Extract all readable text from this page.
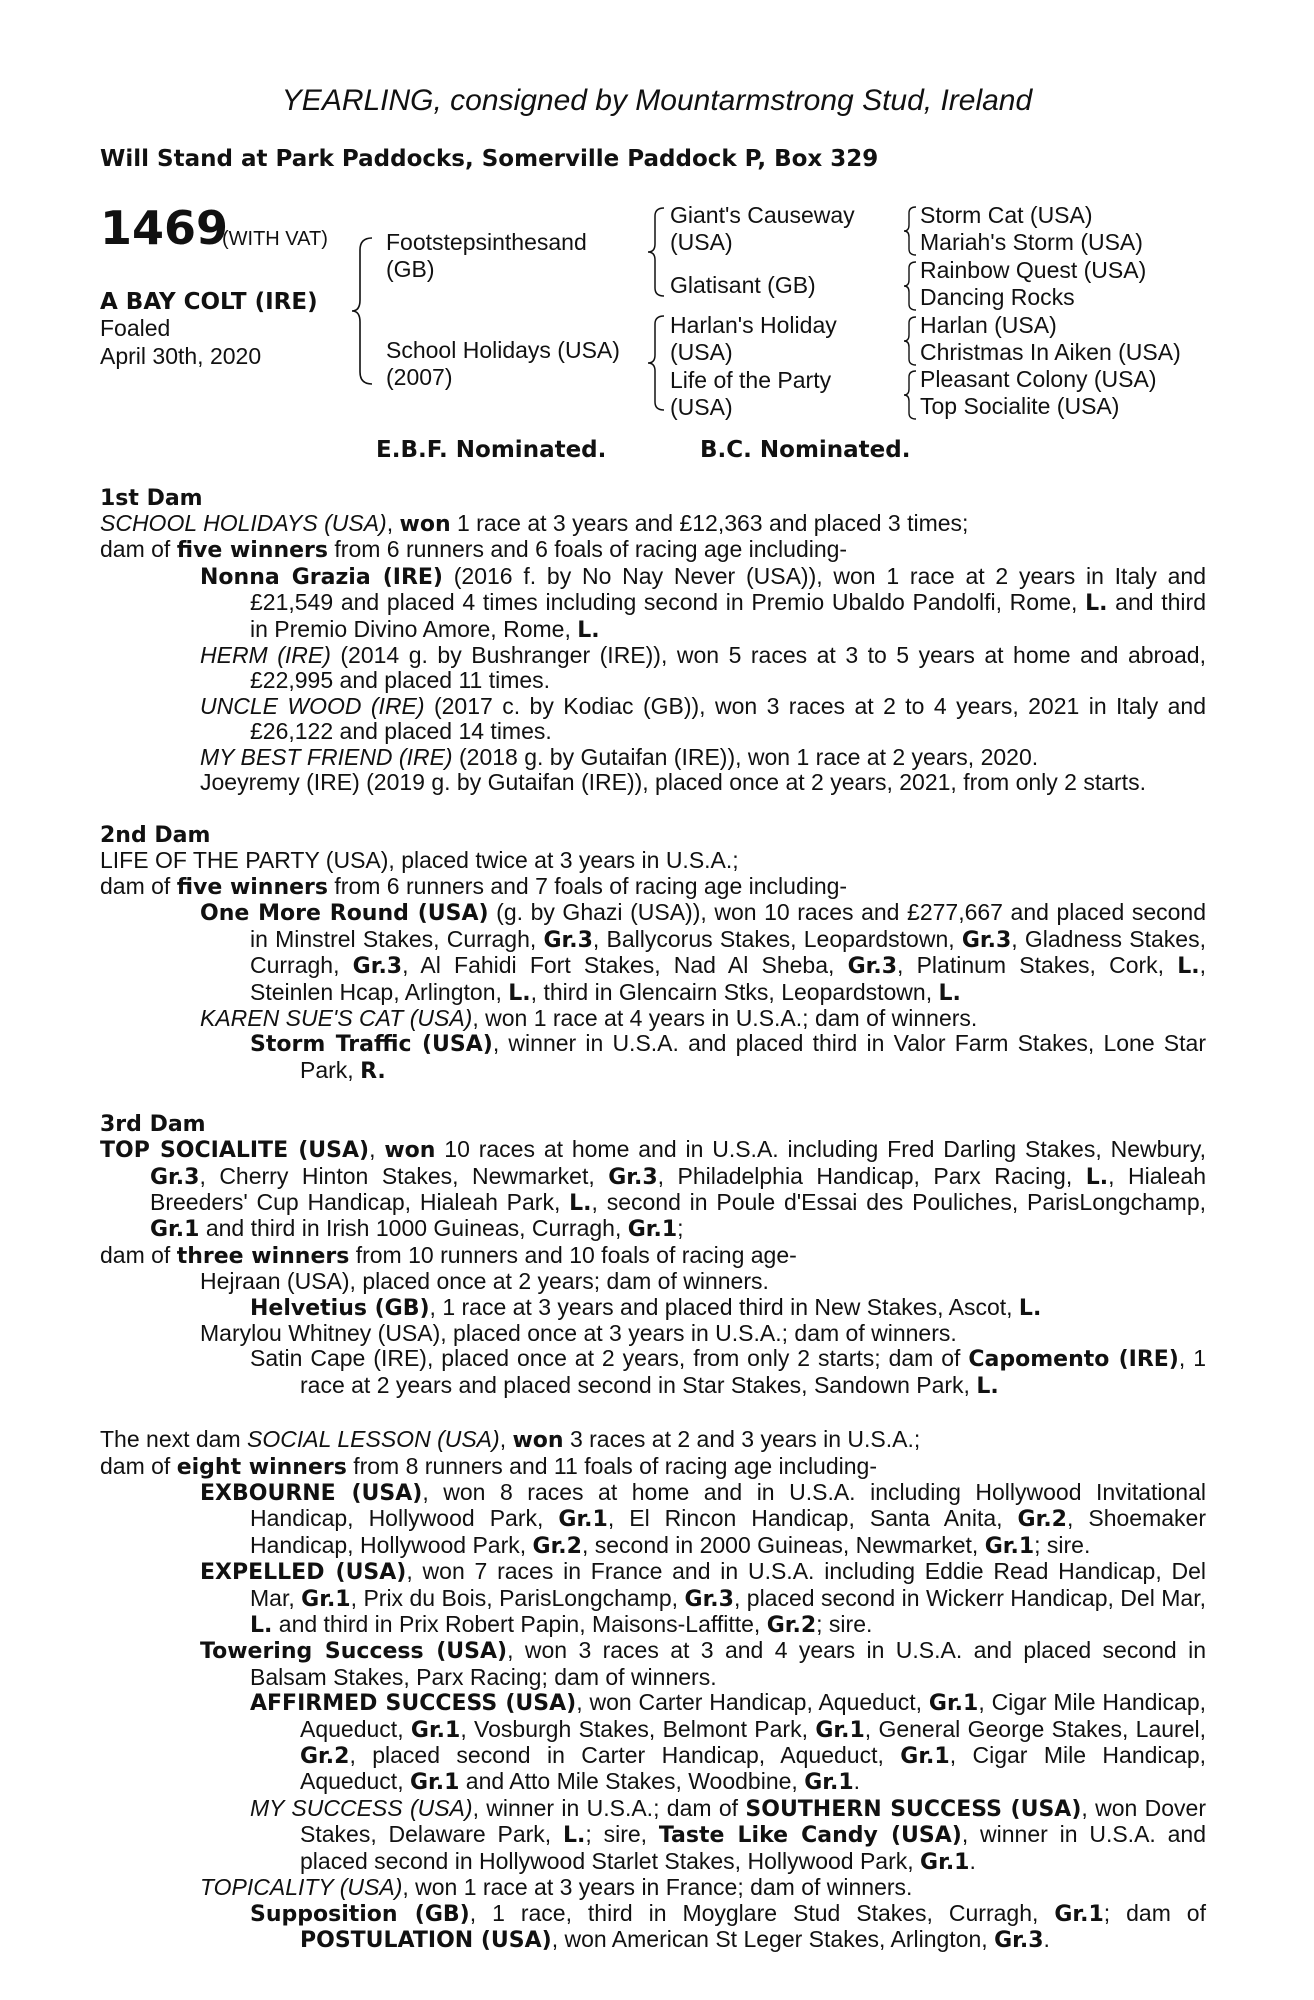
YEARLING, consigned by Mountarmstrong Stud, Ireland
Will Stand at Park Paddocks, Somerville Paddock P, Box 329
1469
(WITH VAT)
A BAY COLT (IRE)
Foaled
April 30th, 2020
Footstepsinthesand
(GB)
School Holidays (USA)
(2007)
Giant's Causeway
(USA)
Glatisant (GB)
Harlan's Holiday
(USA)
Life of the Party
(USA)
Storm Cat (USA)
Mariah's Storm (USA)
Rainbow Quest (USA)
Dancing Rocks
Harlan (USA)
Christmas In Aiken (USA)
Pleasant Colony (USA)
Top Socialite (USA)
E.B.F. Nominated.	B.C. Nominated.
1st Dam
SCHOOL HOLIDAYS (USA), won 1 race at 3 years and £12,363 and placed 3 times;
dam of five winners from 6 runners and 6 foals of racing age including-
Nonna Grazia (IRE) (2016 f. by No Nay Never (USA)), won 1 race at 2 years in Italy and £21,549 and placed 4 times including second in Premio Ubaldo Pandolfi, Rome, L. and third in Premio Divino Amore, Rome, L.
HERM (IRE) (2014 g. by Bushranger (IRE)), won 5 races at 3 to 5 years at home and abroad, £22,995 and placed 11 times.
UNCLE WOOD (IRE) (2017 c. by Kodiac (GB)), won 3 races at 2 to 4 years, 2021 in Italy and £26,122 and placed 14 times.
MY BEST FRIEND (IRE) (2018 g. by Gutaifan (IRE)), won 1 race at 2 years, 2020.
Joeyremy (IRE) (2019 g. by Gutaifan (IRE)), placed once at 2 years, 2021, from only 2 starts.
2nd Dam
LIFE OF THE PARTY (USA), placed twice at 3 years in U.S.A.;
dam of five winners from 6 runners and 7 foals of racing age including-
One More Round (USA) (g. by Ghazi (USA)), won 10 races and £277,667 and placed second in Minstrel Stakes, Curragh, Gr.3, Ballycorus Stakes, Leopardstown, Gr.3, Gladness Stakes, Curragh, Gr.3, Al Fahidi Fort Stakes, Nad Al Sheba, Gr.3, Platinum Stakes, Cork, L., Steinlen Hcap, Arlington, L., third in Glencairn Stks, Leopardstown, L.
KAREN SUE'S CAT (USA), won 1 race at 4 years in U.S.A.; dam of winners.
Storm Traffic (USA), winner in U.S.A. and placed third in Valor Farm Stakes, Lone Star Park, R.
3rd Dam
TOP SOCIALITE (USA), won 10 races at home and in U.S.A. including Fred Darling Stakes, Newbury, Gr.3, Cherry Hinton Stakes, Newmarket, Gr.3, Philadelphia Handicap, Parx Racing, L., Hialeah Breeders' Cup Handicap, Hialeah Park, L., second in Poule d'Essai des Pouliches, ParisLongchamp, Gr.1 and third in Irish 1000 Guineas, Curragh, Gr.1;
dam of three winners from 10 runners and 10 foals of racing age-
Hejraan (USA), placed once at 2 years; dam of winners.
Helvetius (GB), 1 race at 3 years and placed third in New Stakes, Ascot, L.
Marylou Whitney (USA), placed once at 3 years in U.S.A.; dam of winners.
Satin Cape (IRE), placed once at 2 years, from only 2 starts; dam of Capomento (IRE), 1 race at 2 years and placed second in Star Stakes, Sandown Park, L.
The next dam SOCIAL LESSON (USA), won 3 races at 2 and 3 years in U.S.A.;
dam of eight winners from 8 runners and 11 foals of racing age including-
EXBOURNE (USA), won 8 races at home and in U.S.A. including Hollywood Invitational Handicap, Hollywood Park, Gr.1, El Rincon Handicap, Santa Anita, Gr.2, Shoemaker Handicap, Hollywood Park, Gr.2, second in 2000 Guineas, Newmarket, Gr.1; sire.
EXPELLED (USA), won 7 races in France and in U.S.A. including Eddie Read Handicap, Del Mar, Gr.1, Prix du Bois, ParisLongchamp, Gr.3, placed second in Wickerr Handicap, Del Mar, L. and third in Prix Robert Papin, Maisons-Laffitte, Gr.2; sire.
Towering Success (USA), won 3 races at 3 and 4 years in U.S.A. and placed second in Balsam Stakes, Parx Racing; dam of winners.
AFFIRMED SUCCESS (USA), won Carter Handicap, Aqueduct, Gr.1, Cigar Mile Handicap, Aqueduct, Gr.1, Vosburgh Stakes, Belmont Park, Gr.1, General George Stakes, Laurel, Gr.2, placed second in Carter Handicap, Aqueduct, Gr.1, Cigar Mile Handicap, Aqueduct, Gr.1 and Atto Mile Stakes, Woodbine, Gr.1.
MY SUCCESS (USA), winner in U.S.A.; dam of SOUTHERN SUCCESS (USA), won Dover Stakes, Delaware Park, L.; sire, Taste Like Candy (USA), winner in U.S.A. and placed second in Hollywood Starlet Stakes, Hollywood Park, Gr.1.
TOPICALITY (USA), won 1 race at 3 years in France; dam of winners.
Supposition (GB), 1 race, third in Moyglare Stud Stakes, Curragh, Gr.1; dam of POSTULATION (USA), won American St Leger Stakes, Arlington, Gr.3.
